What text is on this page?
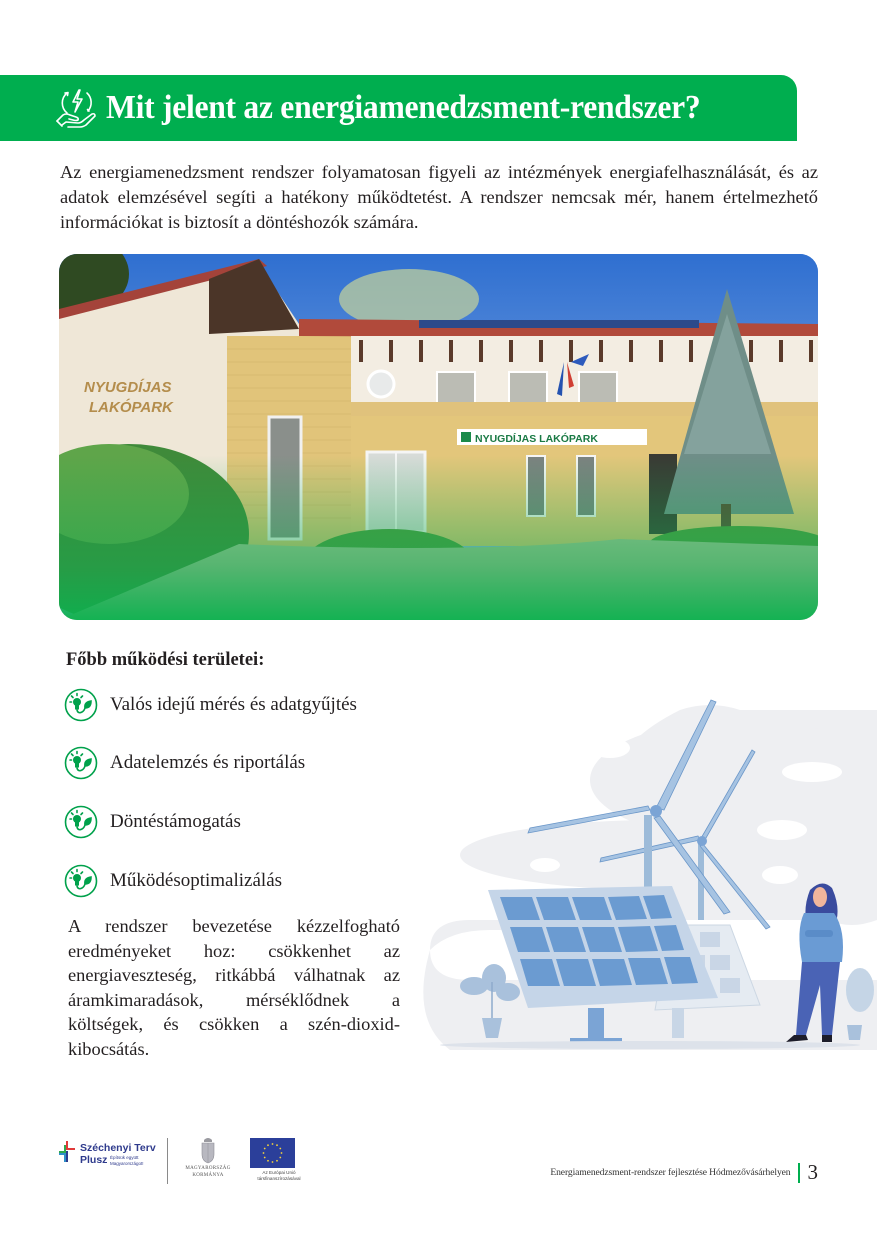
Mit jelent az energiamenedzsment-rendszer?

Az energiamenedzsment rendszer folyamatosan figyeli az intézmények energiafelhasználását, és az adatok elemzésével segíti a hatékony működtetést. A rendszer nemcsak mér, hanem értelmezhető információkat is biztosít a döntéshozók számára.

Főbb működési területei:
Valós idejű mérés és adatgyűjtés
Adatelemzés és riportálás
Döntéstámogatás
Működésoptimalizálás

A rendszer bevezetése kézzelfogható eredményeket hoz: csökkenhet az energiaveszteség, ritkábbá válhatnak az áramkimaradások, mérséklődnek a költségek, és csökken a szén-dioxid-kibocsátás.

Széchenyi Terv
Plusz Építsük együtt Magyarországot!
MAGYARORSZÁG
KORMÁNYA	Az Európai Unió
társfinanszírozásával
Energiamenedzsment-rendszer fejlesztése Hódmezővásárhelyen 3
